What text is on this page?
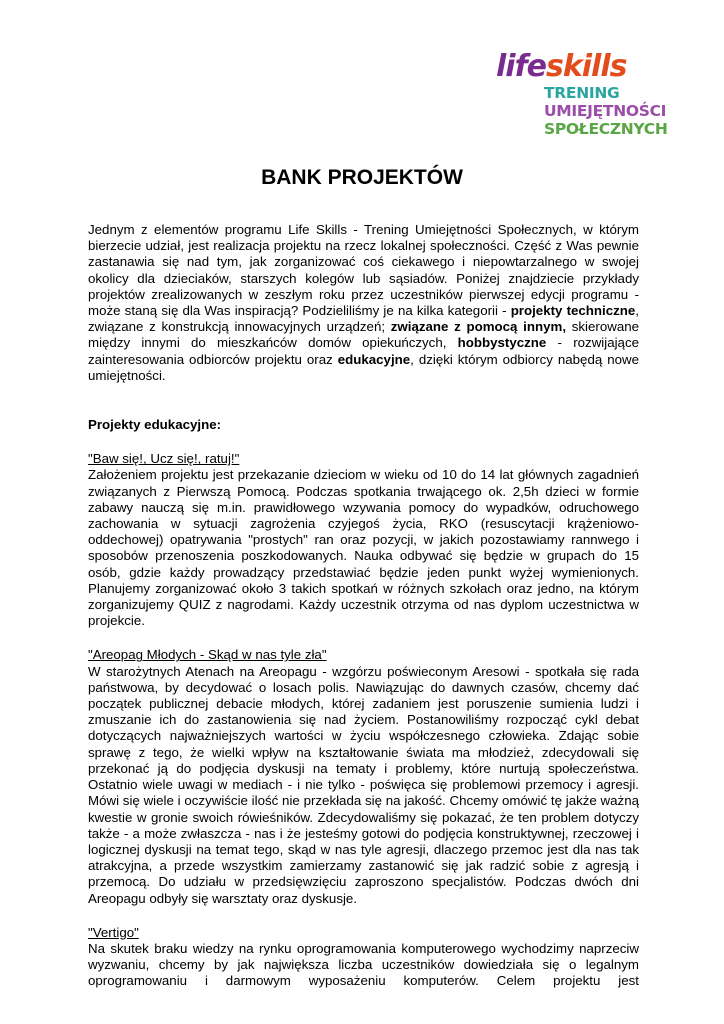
lifeskills
TRENING
UMIEJĘTNOŚCI
SPOŁECZNYCH
BANK PROJEKTÓW

Jednym z elementów programu Life Skills - Trening Umiejętności Społecznych, w którym bierzecie udział, jest realizacja projektu na rzecz lokalnej społeczności. Część z Was pewnie zastanawia się nad tym, jak zorganizować coś ciekawego i niepowtarzalnego w swojej okolicy dla dzieciaków, starszych kolegów lub sąsiadów. Poniżej znajdziecie przykłady projektów zrealizowanych w zeszłym roku przez uczestników pierwszej edycji programu - może staną się dla Was inspiracją? Podzieliliśmy je na kilka kategorii - projekty techniczne, związane z konstrukcją innowacyjnych urządzeń; związane z pomocą innym, skierowane między innymi do mieszkańców domów opiekuńczych, hobbystyczne - rozwijające zainteresowania odbiorców projektu oraz edukacyjne, dzięki którym odbiorcy nabędą nowe umiejętności.

Projekty edukacyjne:

"Baw się!, Ucz się!, ratuj!"

Założeniem projektu jest przekazanie dzieciom w wieku od 10 do 14 lat głównych zagadnień związanych z Pierwszą Pomocą. Podczas spotkania trwającego ok. 2,5h dzieci w formie zabawy nauczą się m.in. prawidłowego wzywania pomocy do wypadków, odruchowego zachowania w sytuacji zagrożenia czyjegoś życia, RKO (resuscytacji krążeniowo-oddechowej) opatrywania "prostych" ran oraz pozycji, w jakich pozostawiamy rannwego i sposobów przenoszenia poszkodowanych. Nauka odbywać się będzie w grupach do 15 osób, gdzie każdy prowadzący przedstawiać będzie jeden punkt wyżej wymienionych. Planujemy zorganizować około 3 takich spotkań w różnych szkołach oraz jedno, na którym zorganizujemy QUIZ z nagrodami. Każdy uczestnik otrzyma od nas dyplom uczestnictwa w projekcie.

"Areopag Młodych - Skąd w nas tyle zła"

W starożytnych Atenach na Areopagu - wzgórzu poświeconym Aresowi - spotkała się rada państwowa, by decydować o losach polis. Nawiązując do dawnych czasów, chcemy dać początek publicznej debacie młodych, której zadaniem jest poruszenie sumienia ludzi i zmuszanie ich do zastanowienia się nad życiem. Postanowiliśmy rozpocząć cykl debat dotyczących najważniejszych wartości w życiu współczesnego człowieka. Zdając sobie sprawę z tego, że wielki wpływ na kształtowanie świata ma młodzież, zdecydowali się przekonać ją do podjęcia dyskusji na tematy i problemy, które nurtują społeczeństwa. Ostatnio wiele uwagi w mediach - i nie tylko - poświęca się problemowi przemocy i agresji. Mówi się wiele i oczywiście ilość nie przekłada się na jakość. Chcemy omówić tę jakże ważną kwestie w gronie swoich rówieśników. Zdecydowaliśmy się pokazać, że ten problem dotyczy także - a może zwłaszcza - nas i że jesteśmy gotowi do podjęcia konstruktywnej, rzeczowej i logicznej dyskusji na temat tego, skąd w nas tyle agresji, dlaczego przemoc jest dla nas tak atrakcyjna, a przede wszystkim zamierzamy zastanowić się jak radzić sobie z agresją i przemocą. Do udziału w przedsięwzięciu zaproszono specjalistów. Podczas dwóch dni Areopagu odbyły się warsztaty oraz dyskusje.

"Vertigo"

Na skutek braku wiedzy na rynku oprogramowania komputerowego wychodzimy naprzeciw wyzwaniu, chcemy by jak największa liczba uczestników dowiedziała się o legalnym oprogramowaniu i darmowym wyposażeniu komputerów. Celem projektu jest
